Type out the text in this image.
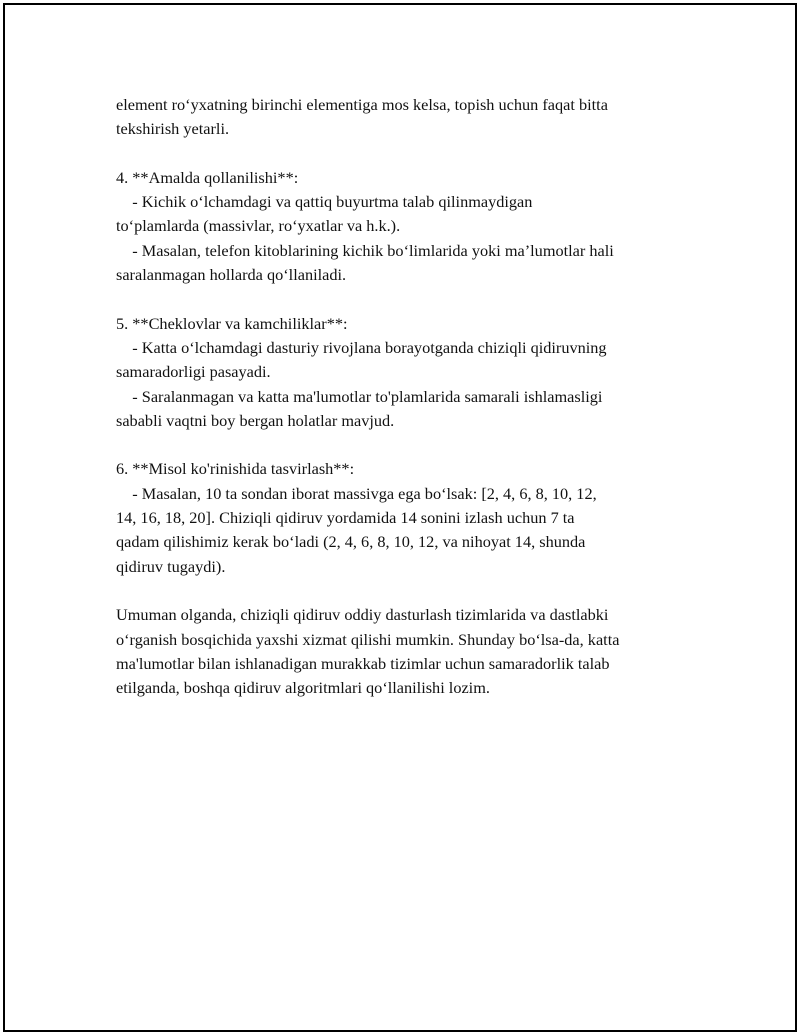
element roʻyxatning birinchi elementiga mos kelsa, topish uchun faqat bitta
tekshirish yetarli.
4. **Amalda qollanilishi**:
- Kichik oʻlchamdagi va qattiq buyurtma talab qilinmaydigan
toʻplamlarda (massivlar, roʻyxatlar va h.k.).
- Masalan, telefon kitoblarining kichik boʻlimlarida yoki ma’lumotlar hali
saralanmagan hollarda qoʻllaniladi.
5. **Cheklovlar va kamchiliklar**:
- Katta oʻlchamdagi dasturiy rivojlana borayotganda chiziqli qidiruvning
samaradorligi pasayadi.
- Saralanmagan va katta ma'lumotlar to'plamlarida samarali ishlamasligi
sababli vaqtni boy bergan holatlar mavjud.
6. **Misol ko'rinishida tasvirlash**:
- Masalan, 10 ta sondan iborat massivga ega boʻlsak: [2, 4, 6, 8, 10, 12,
14, 16, 18, 20]. Chiziqli qidiruv yordamida 14 sonini izlash uchun 7 ta
qadam qilishimiz kerak boʻladi (2, 4, 6, 8, 10, 12, va nihoyat 14, shunda
qidiruv tugaydi).
Umuman olganda, chiziqli qidiruv oddiy dasturlash tizimlarida va dastlabki
oʻrganish bosqichida yaxshi xizmat qilishi mumkin. Shunday boʻlsa-da, katta
ma'lumotlar bilan ishlanadigan murakkab tizimlar uchun samaradorlik talab
etilganda, boshqa qidiruv algoritmlari qoʻllanilishi lozim.
